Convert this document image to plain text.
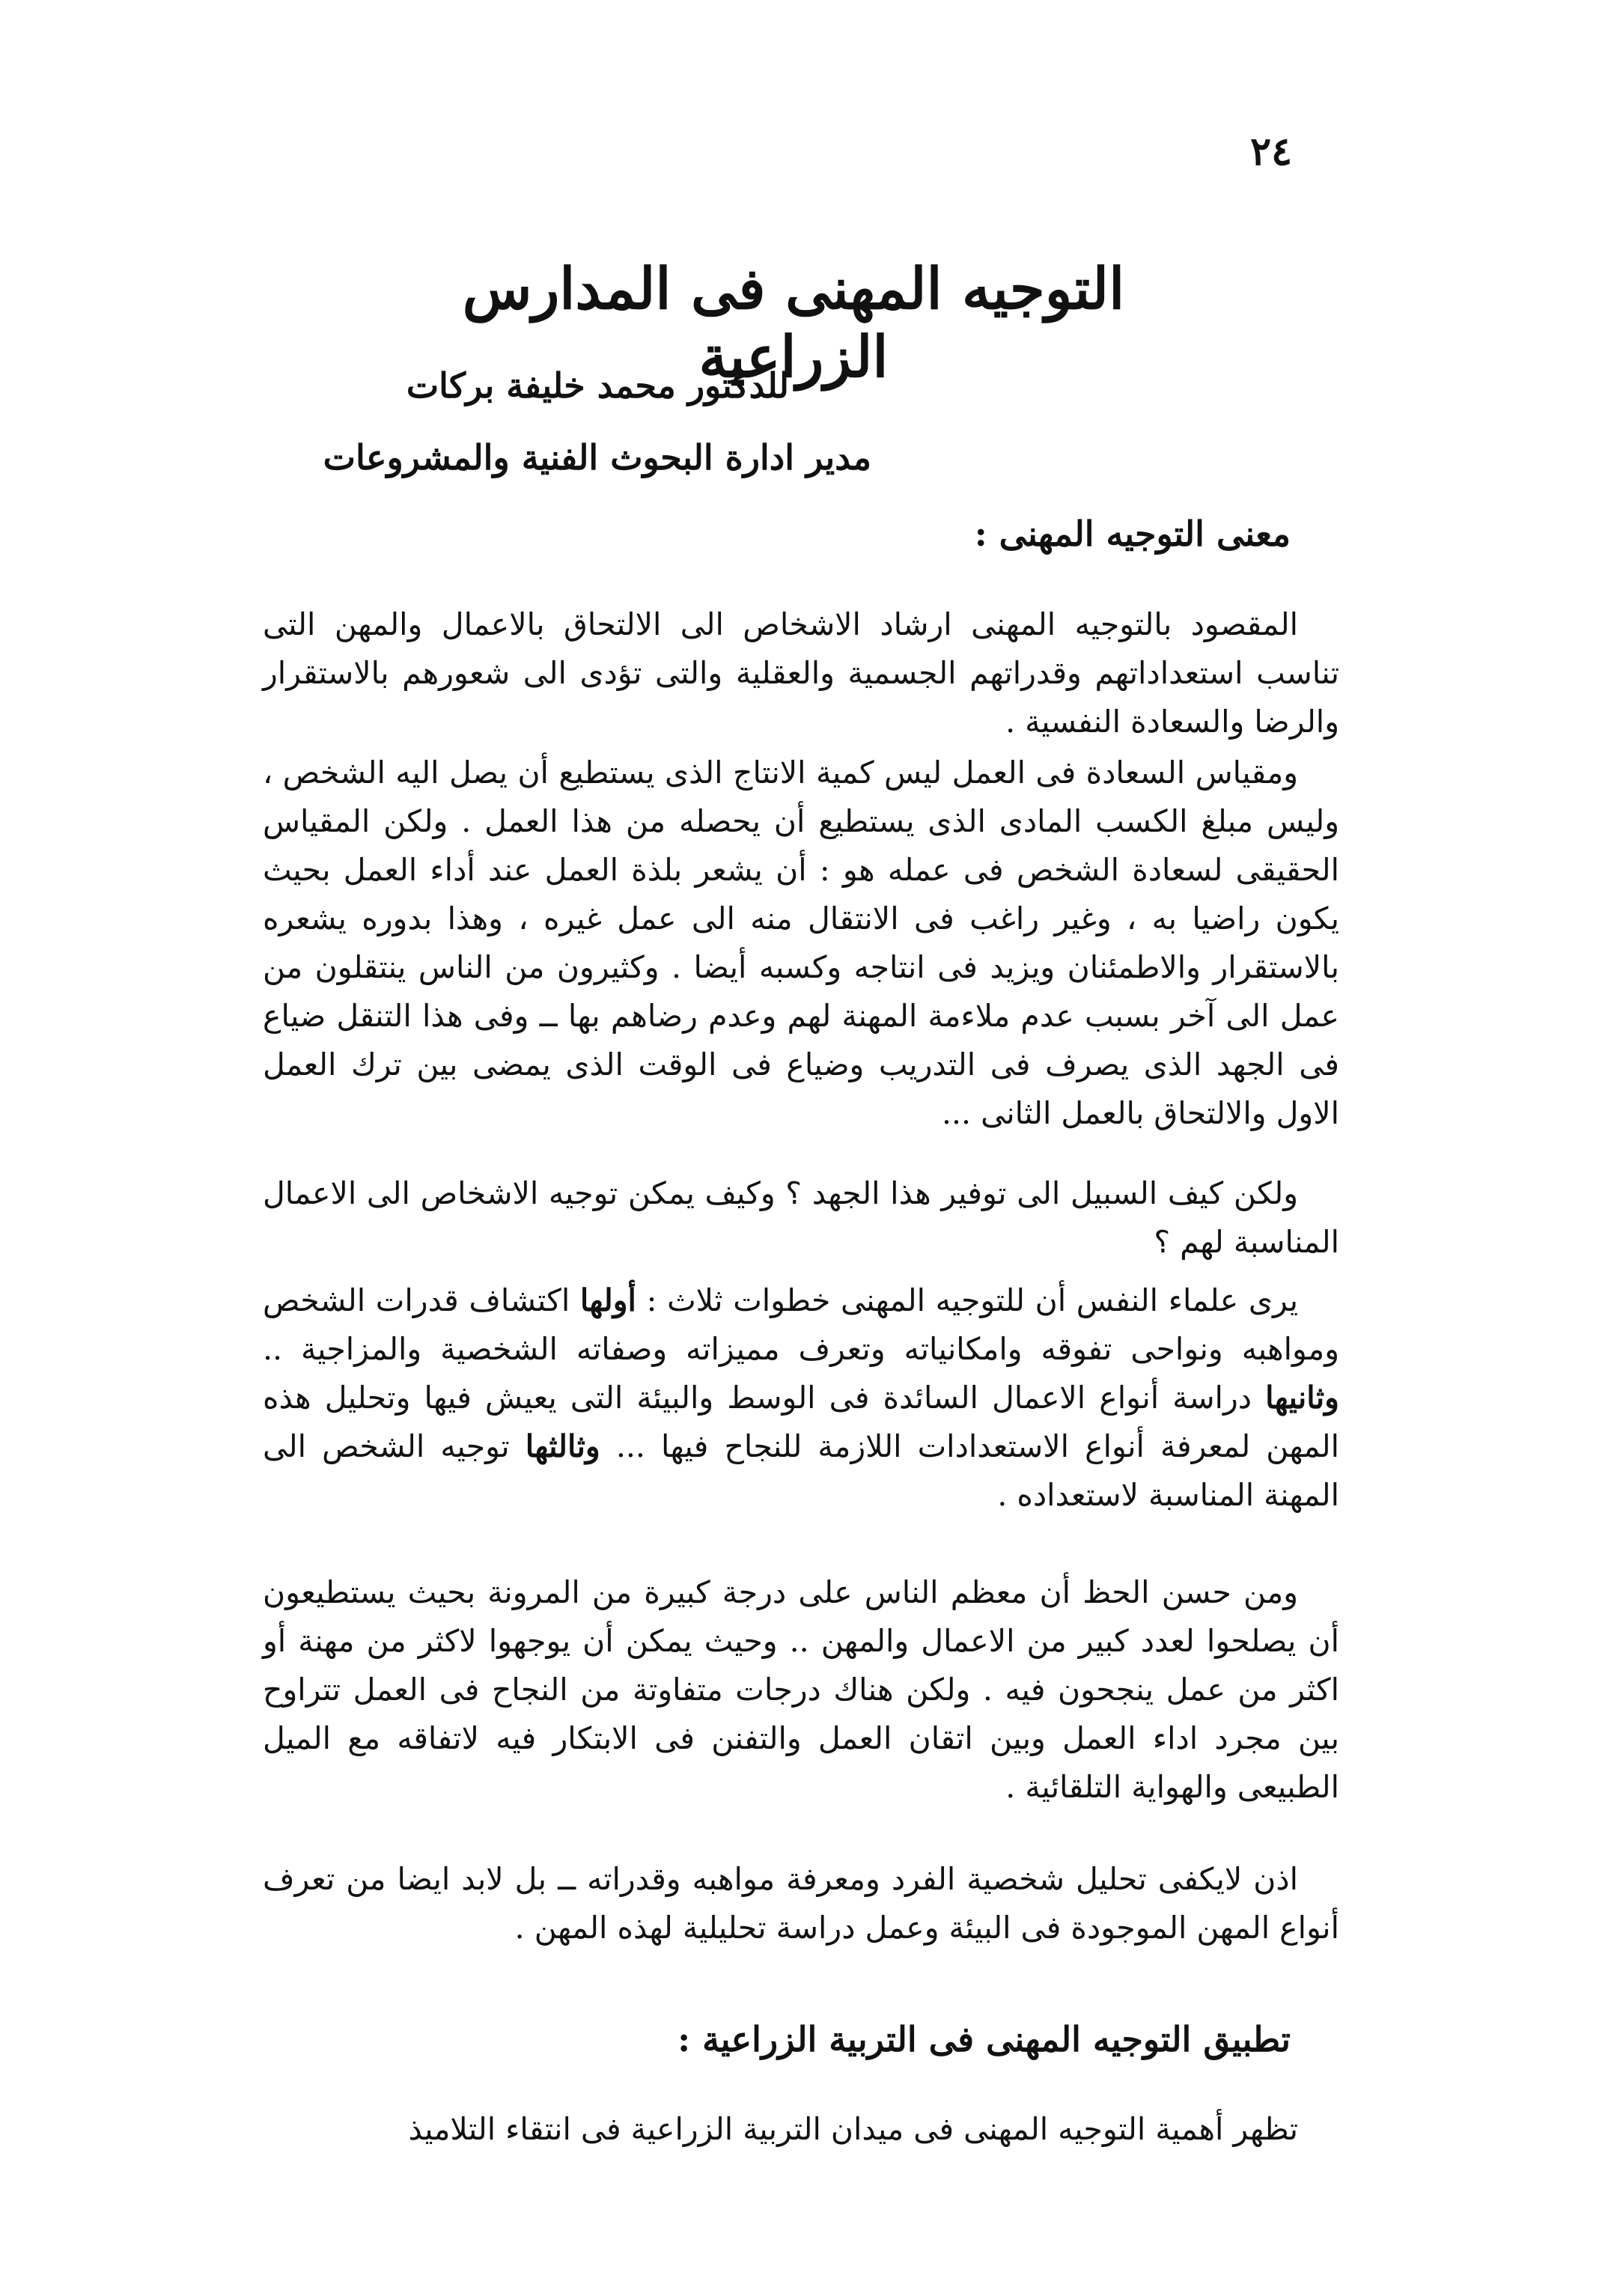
٢٤
التوجيه المهنى فى المدارس الزراعية
للدكتور محمد خليفة بركات
مدير ادارة البحوث الفنية والمشروعات
معنى التوجيه المهنى :

المقصود بالتوجيه المهنى ارشاد الاشخاص الى الالتحاق بالاعمال والمهن التى تناسب استعداداتهم وقدراتهم الجسمية والعقلية والتى تؤدى الى شعورهم بالاستقرار والرضا والسعادة النفسية .

ومقياس السعادة فى العمل ليس كمية الانتاج الذى يستطيع أن يصل اليه الشخص ، وليس مبلغ الكسب المادى الذى يستطيع أن يحصله من هذا العمل . ولكن المقياس الحقيقى لسعادة الشخص فى عمله هو : أن يشعر بلذة العمل عند أداء العمل بحيث يكون راضيا به ، وغير راغب فى الانتقال منه الى عمل غيره ، وهذا بدوره يشعره بالاستقرار والاطمئنان ويزيد فى انتاجه وكسبه أيضا . وكثيرون من الناس ينتقلون من عمل الى آخر بسبب عدم ملاءمة المهنة لهم وعدم رضاهم بها ــ وفى هذا التنقل ضياع فى الجهد الذى يصرف فى التدريب وضياع فى الوقت الذى يمضى بين ترك العمل الاول والالتحاق بالعمل الثانى ...

ولكن كيف السبيل الى توفير هذا الجهد ؟ وكيف يمكن توجيه الاشخاص الى الاعمال المناسبة لهم ؟

يرى علماء النفس أن للتوجيه المهنى خطوات ثلاث : أولها اكتشاف قدرات الشخص ومواهبه ونواحى تفوقه وامكانياته وتعرف مميزاته وصفاته الشخصية والمزاجية .. وثانيها دراسة أنواع الاعمال السائدة فى الوسط والبيئة التى يعيش فيها وتحليل هذه المهن لمعرفة أنواع الاستعدادات اللازمة للنجاح فيها ... وثالثها توجيه الشخص الى المهنة المناسبة لاستعداده .

ومن حسن الحظ أن معظم الناس على درجة كبيرة من المرونة بحيث يستطيعون أن يصلحوا لعدد كبير من الاعمال والمهن .. وحيث يمكن أن يوجهوا لاكثر من مهنة أو اكثر من عمل ينجحون فيه . ولكن هناك درجات متفاوتة من النجاح فى العمل تتراوح بين مجرد اداء العمل وبين اتقان العمل والتفنن فى الابتكار فيه لاتفاقه مع الميل الطبيعى والهواية التلقائية .

اذن لايكفى تحليل شخصية الفرد ومعرفة مواهبه وقدراته ــ بل لابد ايضا من تعرف أنواع المهن الموجودة فى البيئة وعمل دراسة تحليلية لهذه المهن .

تطبيق التوجيه المهنى فى التربية الزراعية :

تظهر أهمية التوجيه المهنى فى ميدان التربية الزراعية فى انتقاء التلاميذ
